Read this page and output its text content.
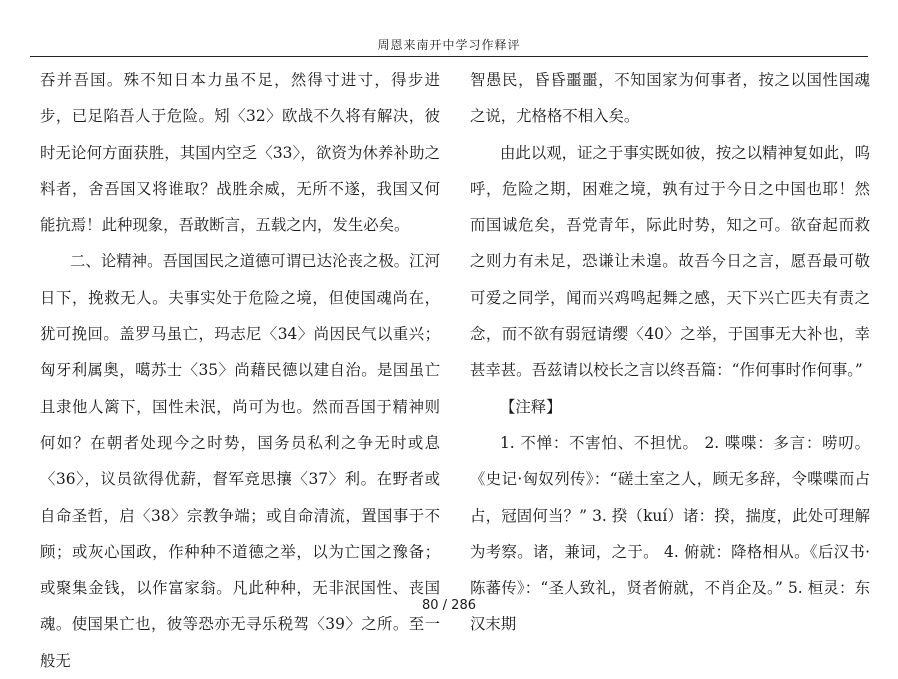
周恩来南开中学习作释评

吞并吾国。殊不知日本力虽不足，然得寸进寸，得步进步，已足陷吾人于危险。矧〈32〉欧战不久将有解决，彼时无论何方面获胜，其国内空乏〈33〉，欲资为休养补助之料者，舍吾国又将谁取？战胜余威，无所不遂，我国又何能抗焉！此种现象，吾敢断言，五载之内，发生必矣。

二、论精神。吾国国民之道德可谓已达沦丧之极。江河日下，挽救无人。夫事实处于危险之境，但使国魂尚在，犹可挽回。盖罗马虽亡，玛志尼〈34〉尚因民气以重兴；匈牙利属奥，噶苏士〈35〉尚藉民德以建自治。是国虽亡且隶他人篱下，国性未泯，尚可为也。然而吾国于精神则何如？在朝者处现今之时势，国务员私利之争无时或息〈36〉，议员欲得优薪，督军竞思攘〈37〉利。在野者或自命圣哲，启〈38〉宗教争端；或自命清流，置国事于不顾；或灰心国政，作种种不道德之举，以为亡国之豫备；或聚集金钱，以作富家翁。凡此种种，无非泯国性、丧国魂。使国果亡也，彼等恐亦无寻乐税驾〈39〉之所。至一般无

智愚民，昏昏噩噩，不知国家为何事者，按之以国性国魂之说，尤格格不相入矣。

由此以观，证之于事实既如彼，按之以精神复如此，呜呼，危险之期，困难之境，孰有过于今日之中国也耶！然而国诚危矣，吾党青年，际此时势，知之可。欲奋起而救之则力有未足，恐谦让未遑。故吾今日之言，愿吾最可敬可爱之同学，闻而兴鸡鸣起舞之感，天下兴亡匹夫有责之念，而不欲有弱冠请缨〈40〉之举，于国事无大补也，幸甚幸甚。吾兹请以校长之言以终吾篇：“作何事时作何事。”

【注释】

1. 不惮：不害怕、不担忧。 2. 喋喋：多言：唠叨。《史记·匈奴列传》：“磋土室之人，顾无多辞，令喋喋而占占，冠固何当？” 3. 揆（kuí）诸：揆，揣度，此处可理解为考察。诸，兼词，之于。 4. 俯就：降格相从。《后汉书·陈蕃传》：“圣人致礼，贤者俯就，不肖企及。” 5. 桓灵：东汉末期

80 / 286
